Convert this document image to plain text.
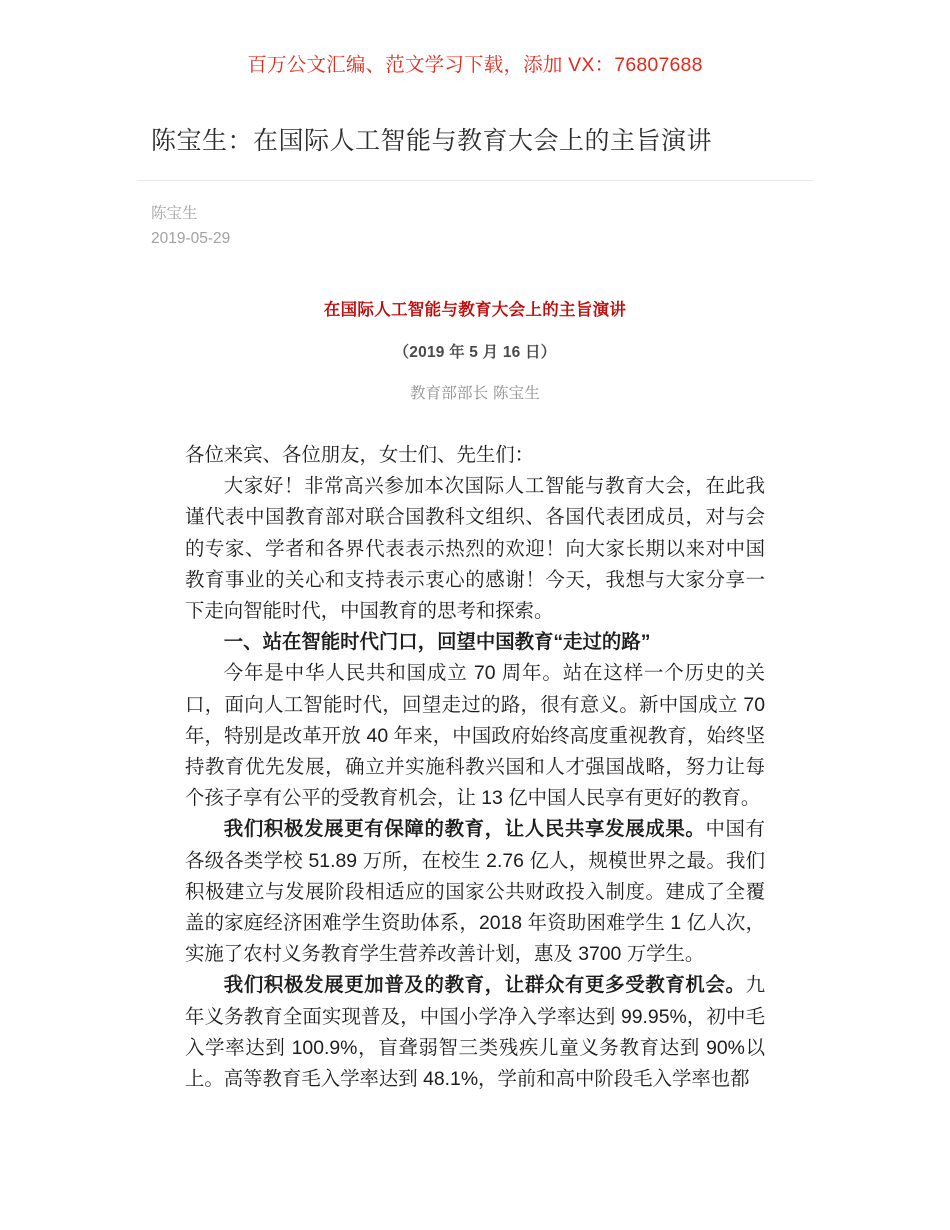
百万公文汇编、范文学习下载，添加 VX：76807688
陈宝生：在国际人工智能与教育大会上的主旨演讲
陈宝生
2019-05-29
在国际人工智能与教育大会上的主旨演讲
（2019 年 5 月 16 日）
教育部部长 陈宝生

各位来宾、各位朋友，女士们、先生们：

大家好！非常高兴参加本次国际人工智能与教育大会，在此我谨代表中国教育部对联合国教科文组织、各国代表团成员，对与会的专家、学者和各界代表表示热烈的欢迎！向大家长期以来对中国教育事业的关心和支持表示衷心的感谢！今天，我想与大家分享一下走向智能时代，中国教育的思考和探索。

一、站在智能时代门口，回望中国教育“走过的路”

今年是中华人民共和国成立 70 周年。站在这样一个历史的关口，面向人工智能时代，回望走过的路，很有意义。新中国成立 70 年，特别是改革开放 40 年来，中国政府始终高度重视教育，始终坚持教育优先发展，确立并实施科教兴国和人才强国战略，努力让每个孩子享有公平的受教育机会，让 13 亿中国人民享有更好的教育。

我们积极发展更有保障的教育，让人民共享发展成果。中国有各级各类学校 51.89 万所，在校生 2.76 亿人，规模世界之最。我们积极建立与发展阶段相适应的国家公共财政投入制度。建成了全覆盖的家庭经济困难学生资助体系，2018 年资助困难学生 1 亿人次，实施了农村义务教育学生营养改善计划，惠及 3700 万学生。

我们积极发展更加普及的教育，让群众有更多受教育机会。九年义务教育全面实现普及，中国小学净入学率达到 99.95%，初中毛入学率达到 100.9%，盲聋弱智三类残疾儿童义务教育达到 90%以上。高等教育毛入学率达到 48.1%，学前和高中阶段毛入学率也都
